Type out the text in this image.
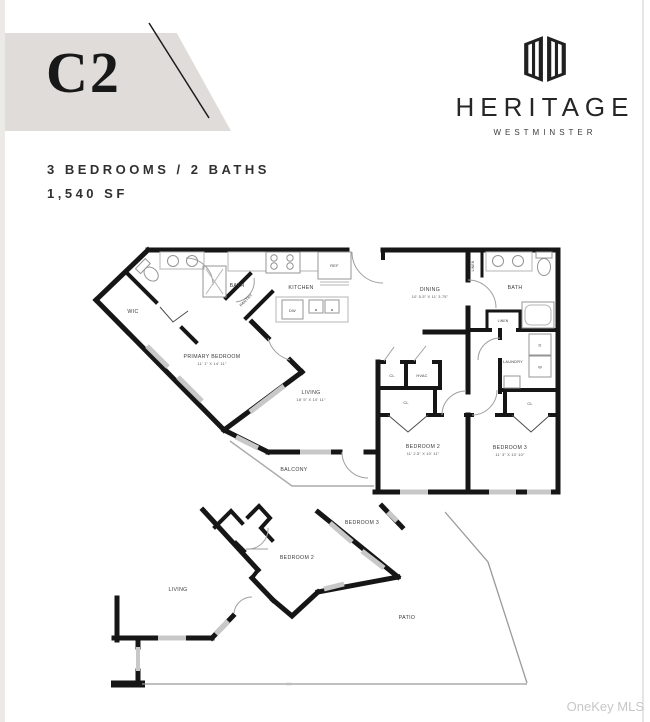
C2
3 BEDROOMS / 2 BATHS
1,540 SF
HERITAGE
WESTMINSTER
REF
DW
D
W
BATH
WIC
PANTRY
KITCHEN	DINING
10' 5.5" X 11' 3.75"
BATH
LINEN
LINEN
LAUNDRY
CL	HVAC
CL	CL
PRIMARY BEDROOM
11' 1" X 14' 11"
LIVING
18' 5" X 10' 11"
BEDROOM 2
11' 2.5" X 10' 11"
BEDROOM 3
11' 3" X 10' 10"
BALCONY
LIVING
BEDROOM 2
BEDROOM 3
PATIO
OneKey MLS
